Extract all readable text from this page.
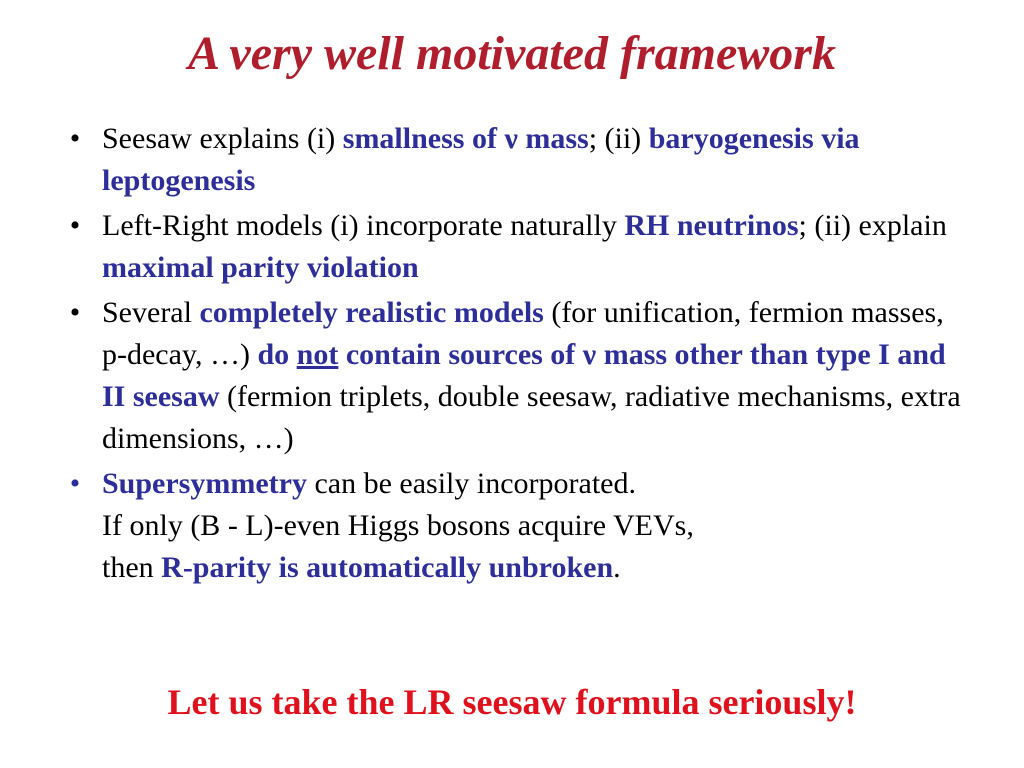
A very well motivated framework
• Seesaw explains (i) smallness of ν mass; (ii) baryogenesis via leptogenesis
• Left-Right models (i) incorporate naturally RH neutrinos; (ii) explain maximal parity violation
• Several completely realistic models (for unification, fermion masses, p-decay, …) do not contain sources of ν mass other than type I and II seesaw (fermion triplets, double seesaw, radiative mechanisms, extra dimensions, …)
• Supersymmetry can be easily incorporated.
If only (B - L)-even Higgs bosons acquire VEVs,
then R-parity is automatically unbroken.
Let us take the LR seesaw formula seriously!
